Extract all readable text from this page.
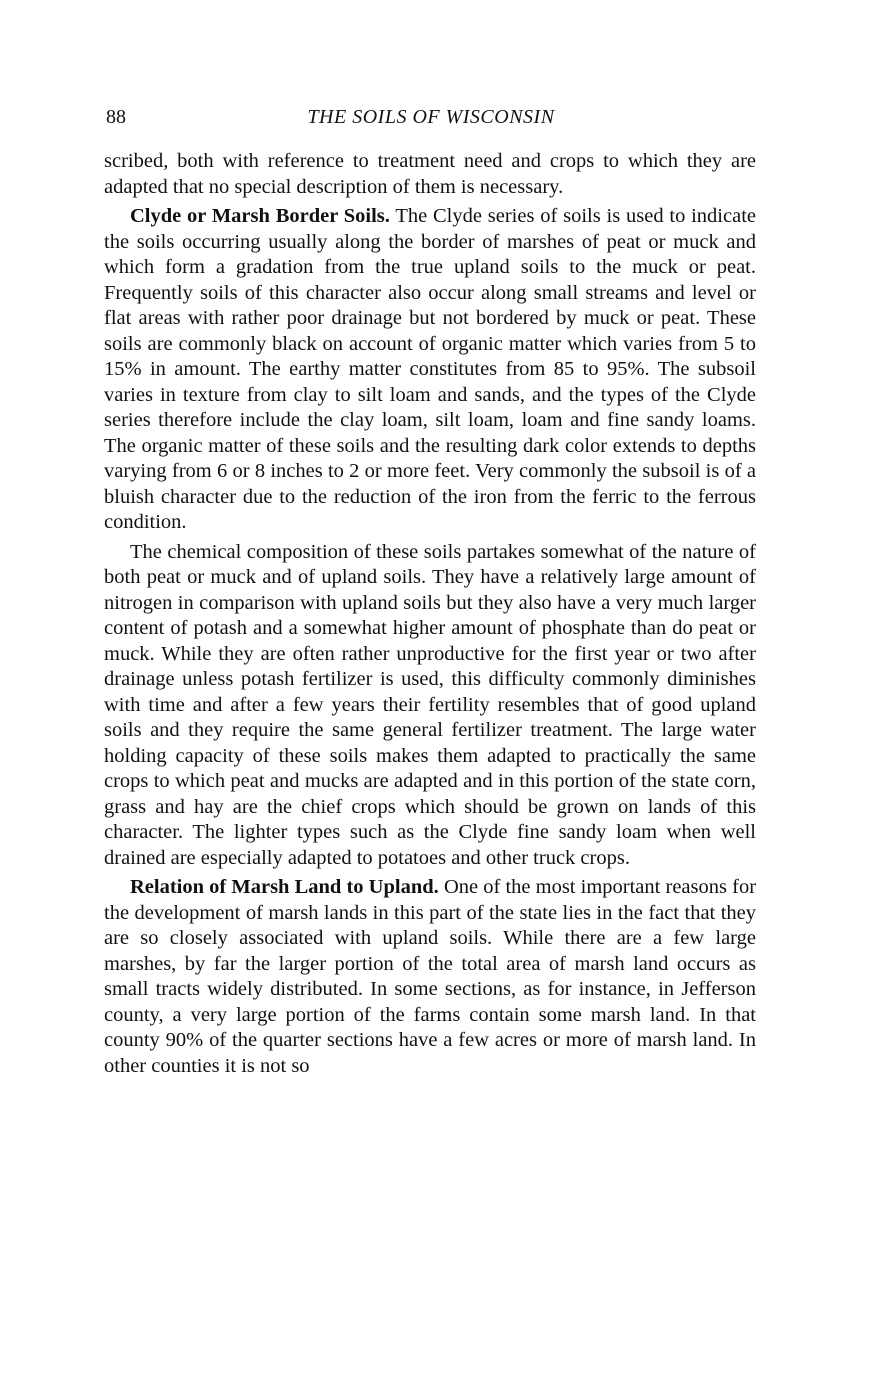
88	THE SOILS OF WISCONSIN

scribed, both with reference to treatment need and crops to which they are adapted that no special description of them is necessary.

Clyde or Marsh Border Soils. The Clyde series of soils is used to indicate the soils occurring usually along the border of marshes of peat or muck and which form a gradation from the true upland soils to the muck or peat. Frequently soils of this character also occur along small streams and level or flat areas with rather poor drainage but not bordered by muck or peat. These soils are commonly black on account of organic matter which varies from 5 to 15% in amount. The earthy matter constitutes from 85 to 95%. The subsoil varies in texture from clay to silt loam and sands, and the types of the Clyde series therefore include the clay loam, silt loam, loam and fine sandy loams. The organic matter of these soils and the resulting dark color extends to depths varying from 6 or 8 inches to 2 or more feet. Very commonly the subsoil is of a bluish character due to the reduction of the iron from the ferric to the ferrous condition.

The chemical composition of these soils partakes somewhat of the nature of both peat or muck and of upland soils. They have a relatively large amount of nitrogen in comparison with upland soils but they also have a very much larger content of potash and a somewhat higher amount of phosphate than do peat or muck. While they are often rather unproductive for the first year or two after drainage unless potash fertilizer is used, this difficulty commonly diminishes with time and after a few years their fertility resembles that of good upland soils and they require the same general fertilizer treatment. The large water holding capacity of these soils makes them adapted to practically the same crops to which peat and mucks are adapted and in this portion of the state corn, grass and hay are the chief crops which should be grown on lands of this character. The lighter types such as the Clyde fine sandy loam when well drained are especially adapted to potatoes and other truck crops.

Relation of Marsh Land to Upland. One of the most important reasons for the development of marsh lands in this part of the state lies in the fact that they are so closely associated with upland soils. While there are a few large marshes, by far the larger portion of the total area of marsh land occurs as small tracts widely distributed. In some sections, as for instance, in Jefferson county, a very large portion of the farms contain some marsh land. In that county 90% of the quarter sections have a few acres or more of marsh land. In other counties it is not so
